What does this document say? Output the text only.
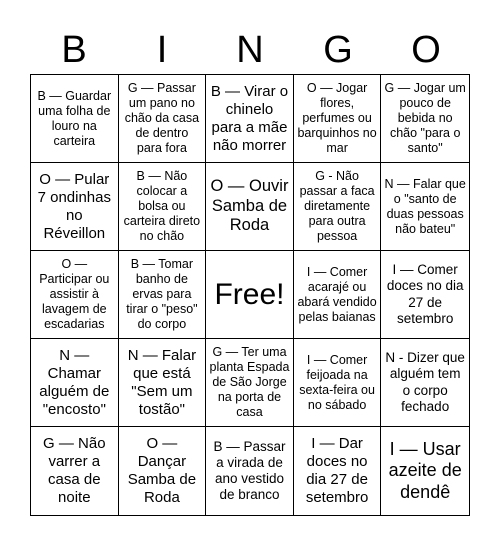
B	I	N	G	O
B — Guardar uma folha de louro na carteira
G — Passar um pano no chão da casa de dentro para fora
B — Virar o chinelo para a mãe não morrer
O — Jogar flores, perfumes ou barquinhos no mar
G — Jogar um pouco de bebida no chão "para o santo"
O — Pular 7 ondinhas no Réveillon
B — Não colocar a bolsa ou carteira direto no chão
O — Ouvir Samba de Roda
G - Não passar a faca diretamente para outra pessoa
N — Falar que o "santo de duas pessoas não bateu"
O — Participar ou assistir à lavagem de escadarias
B — Tomar banho de ervas para tirar o "peso" do corpo
Free!
I — Comer acarajé ou abará vendido pelas baianas
I — Comer doces no dia 27 de setembro
N — Chamar alguém de "encosto"
N — Falar que está "Sem um tostão"
G — Ter uma planta Espada de São Jorge na porta de casa
I — Comer feijoada na sexta-feira ou no sábado
N - Dizer que alguém tem o corpo fechado
G — Não varrer a casa de noite
O — Dançar Samba de Roda
B — Passar a virada de ano vestido de branco
I — Dar doces no dia 27 de setembro
I — Usar azeite de dendê
